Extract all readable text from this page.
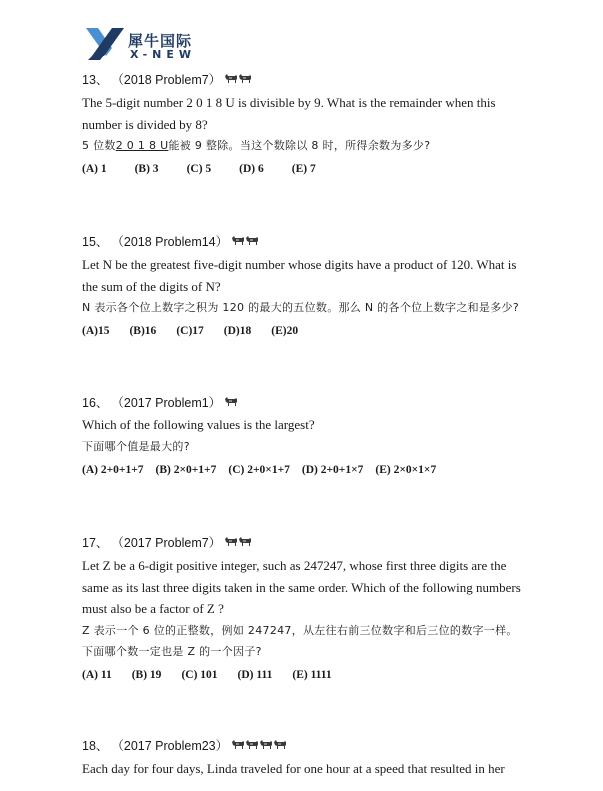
犀牛国际
X-NEW
13、 （2018 Problem7）
The 5-digit number 2 0 1 8 U is divisible by 9. What is the remainder when this number is divided by 8?
5 位数2 0 1 8 U能被 9 整除。当这个数除以 8 时，所得余数为多少?
(A) 1 (B) 3 (C) 5 (D) 6 (E) 7
15、 （2018 Problem14）
Let N be the greatest five-digit number whose digits have a product of 120. What is the sum of the digits of N?
N 表示各个位上数字之积为 120 的最大的五位数。那么 N 的各个位上数字之和是多少?
(A)15 (B)16 (C)17 (D)18 (E)20
16、 （2017 Problem1）
Which of the following values is the largest?
下面哪个值是最大的?
(A) 2+0+1+7 (B) 2×0+1+7 (C) 2+0×1+7 (D) 2+0+1×7 (E) 2×0×1×7
17、 （2017 Problem7）
Let Z be a 6-digit positive integer, such as 247247, whose first three digits are the same as its last three digits taken in the same order. Which of the following numbers must also be a factor of Z ?
Z 表示一个 6 位的正整数，例如 247247，从左往右前三位数字和后三位的数字一样。下面哪个数一定也是 Z 的一个因子?
(A) 11 (B) 19 (C) 101 (D) 111 (E) 1111
18、 （2017 Problem23）
Each day for four days, Linda traveled for one hour at a speed that resulted in her
